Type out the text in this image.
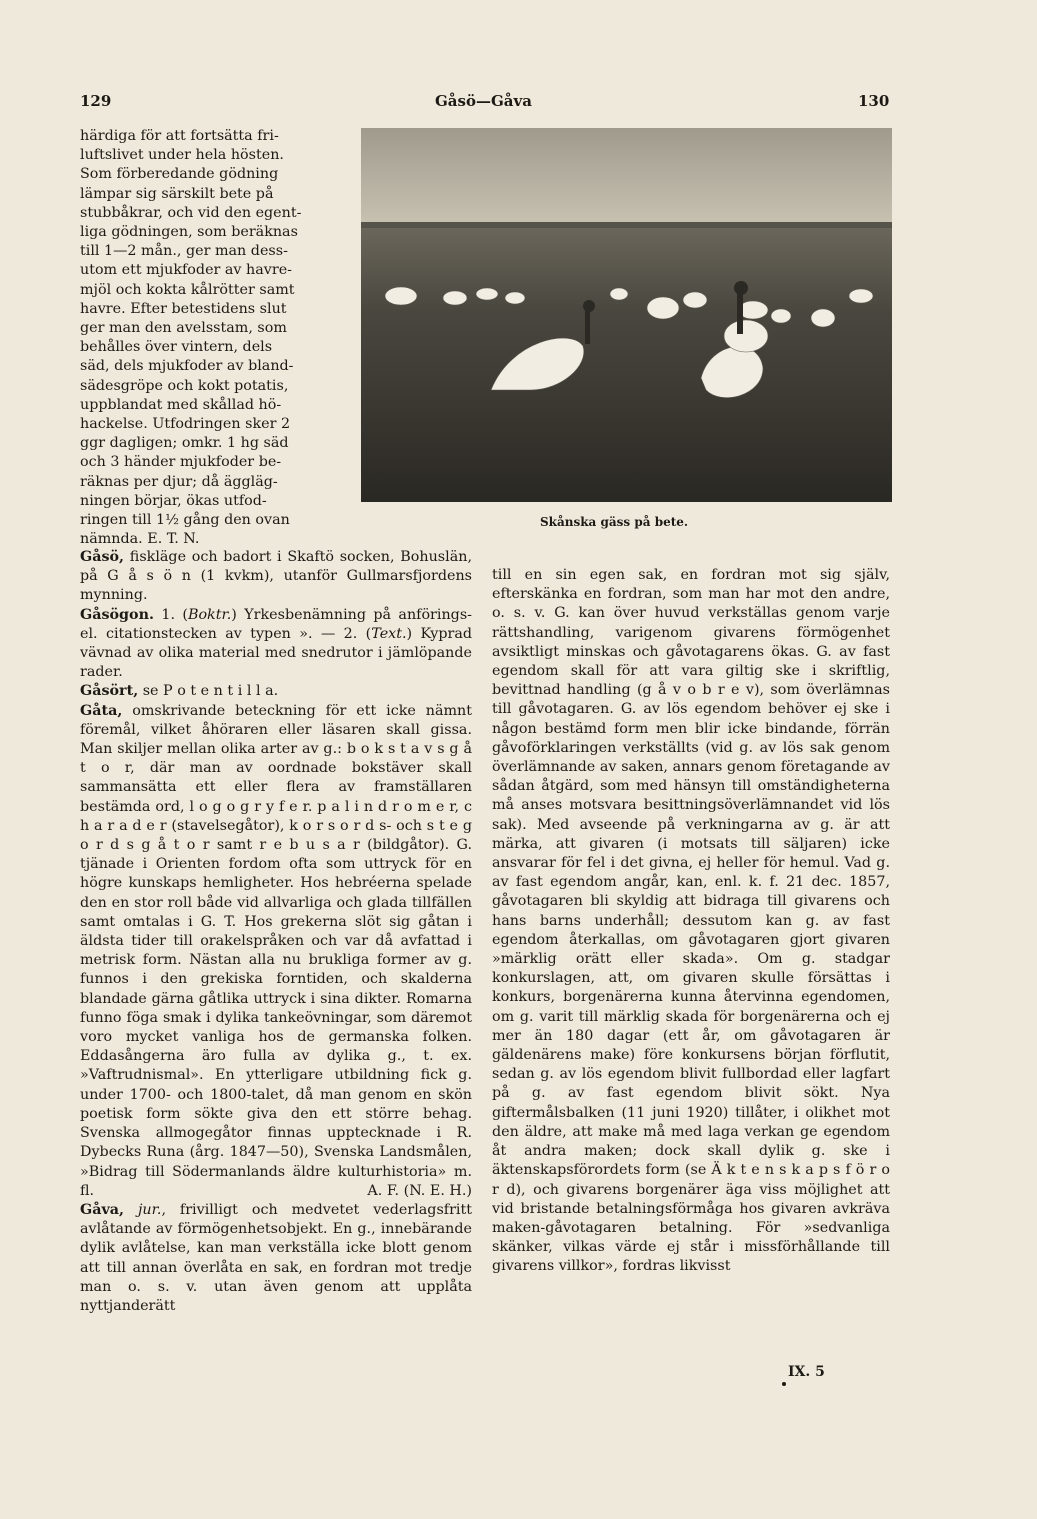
129	Gåsö—Gåva	130
härdiga för att fortsätta fri-
luftslivet under hela hösten.
Som förberedande gödning
lämpar sig särskilt bete på
stubbåkrar, och vid den egent-
liga gödningen, som beräknas
till 1—2 mån., ger man dess-
utom ett mjukfoder av havre-
mjöl och kokta kålrötter samt
havre. Efter betestidens slut
ger man den avelsstam, som
behålles över vintern, dels
säd, dels mjukfoder av bland-
sädesgröpe och kokt potatis,
uppblandat med skållad hö-
hackelse. Utfodringen sker 2
ggr dagligen; omkr. 1 hg säd
och 3 händer mjukfoder be-
räknas per djur; då äggläg-
ningen börjar, ökas utfod-
ringen till 1½ gång den ovan
nämnda. E. T. N.
Skånska gäss på bete.

Gåsö, fiskläge och badort i Skaftö socken, Bohuslän, på G å s ö n (1 kvkm), utanför Gullmarsfjordens mynning.

Gåsögon. 1. (Boktr.) Yrkesbenämning på anförings- el. citationstecken av typen ». — 2. (Text.) Kyprad vävnad av olika material med snedrutor i jämlöpande rader.

Gåsört, se P o t e n t i l l a.

Gåta, omskrivande beteckning för ett icke nämnt föremål, vilket åhöraren eller läsaren skall gissa. Man skiljer mellan olika arter av g.: b o k s t a v s g å t o r, där man av oordnade bokstäver skall sammansätta ett eller flera av framställaren bestämda ord, l o g o g r y f e r. p a l i n d r o m e r, c h a r a d e r (stavelsegåtor), k o r s o r d s- och s t e g o r d s g å t o r samt r e b u s a r (bildgåtor). G. tjänade i Orienten fordom ofta som uttryck för en högre kunskaps hemligheter. Hos hebréerna spelade den en stor roll både vid allvarliga och glada tillfällen samt omtalas i G. T. Hos grekerna slöt sig gåtan i äldsta tider till orakelspråken och var då avfattad i metrisk form. Nästan alla nu brukliga former av g. funnos i den grekiska forntiden, och skalderna blandade gärna gåtlika uttryck i sina dikter. Romarna funno föga smak i dylika tankeövningar, som däremot voro mycket vanliga hos de germanska folken. Eddasångerna äro fulla av dylika g., t. ex. »Vaftrudnismal». En ytterligare utbildning fick g. under 1700- och 1800-talet, då man genom en skön poetisk form sökte giva den ett större behag. Svenska allmogegåtor finnas upptecknade i R. Dybecks Runa (årg. 1847—50), Svenska Landsmålen, »Bidrag till Södermanlands äldre kulturhistoria» m. fl.	A. F. (N. E. H.)

Gåva, jur., frivilligt och medvetet vederlagsfritt avlåtande av förmögenhetsobjekt. En g., innebärande dylik avlåtelse, kan man verkställa icke blott genom att till annan överlåta en sak, en fordran mot tredje man o. s. v. utan även genom att upplåta nyttjanderätt

till en sin egen sak, en fordran mot sig själv, efterskänka en fordran, som man har mot den andre, o. s. v. G. kan över huvud verkställas genom varje rättshandling, varigenom givarens förmögenhet avsiktligt minskas och gåvotagarens ökas. G. av fast egendom skall för att vara giltig ske i skriftlig, bevittnad handling (g å v o b r e v), som överlämnas till gåvotagaren. G. av lös egendom behöver ej ske i någon bestämd form men blir icke bindande, förrän gåvoförklaringen verkställts (vid g. av lös sak genom överlämnande av saken, annars genom företagande av sådan åtgärd, som med hänsyn till omständigheterna må anses motsvara besittningsöverlämnandet vid lös sak). Med avseende på verkningarna av g. är att märka, att givaren (i motsats till säljaren) icke ansvarar för fel i det givna, ej heller för hemul. Vad g. av fast egendom angår, kan, enl. k. f. 21 dec. 1857, gåvotagaren bli skyldig att bidraga till givarens och hans barns underhåll; dessutom kan g. av fast egendom återkallas, om gåvotagaren gjort givaren »märklig orätt eller skada». Om g. stadgar konkurslagen, att, om givaren skulle försättas i konkurs, borgenärerna kunna återvinna egendomen, om g. varit till märklig skada för borgenärerna och ej mer än 180 dagar (ett år, om gåvotagaren är gäldenärens make) före konkursens början förflutit, sedan g. av lös egendom blivit fullbordad eller lagfart på g. av fast egendom blivit sökt. Nya giftermålsbalken (11 juni 1920) tillåter, i olikhet mot den äldre, att make må med laga verkan ge egendom åt andra maken; dock skall dylik g. ske i äktenskapsförordets form (se Ä k t e n s k a p s f ö r o r d), och givarens borgenärer äga viss möjlighet att vid bristande betalningsförmåga hos givaren avkräva maken-gåvotagaren betalning. För »sedvanliga skänker, vilkas värde ej står i missförhållande till givarens villkor», fordras likvisst

IX. 5
